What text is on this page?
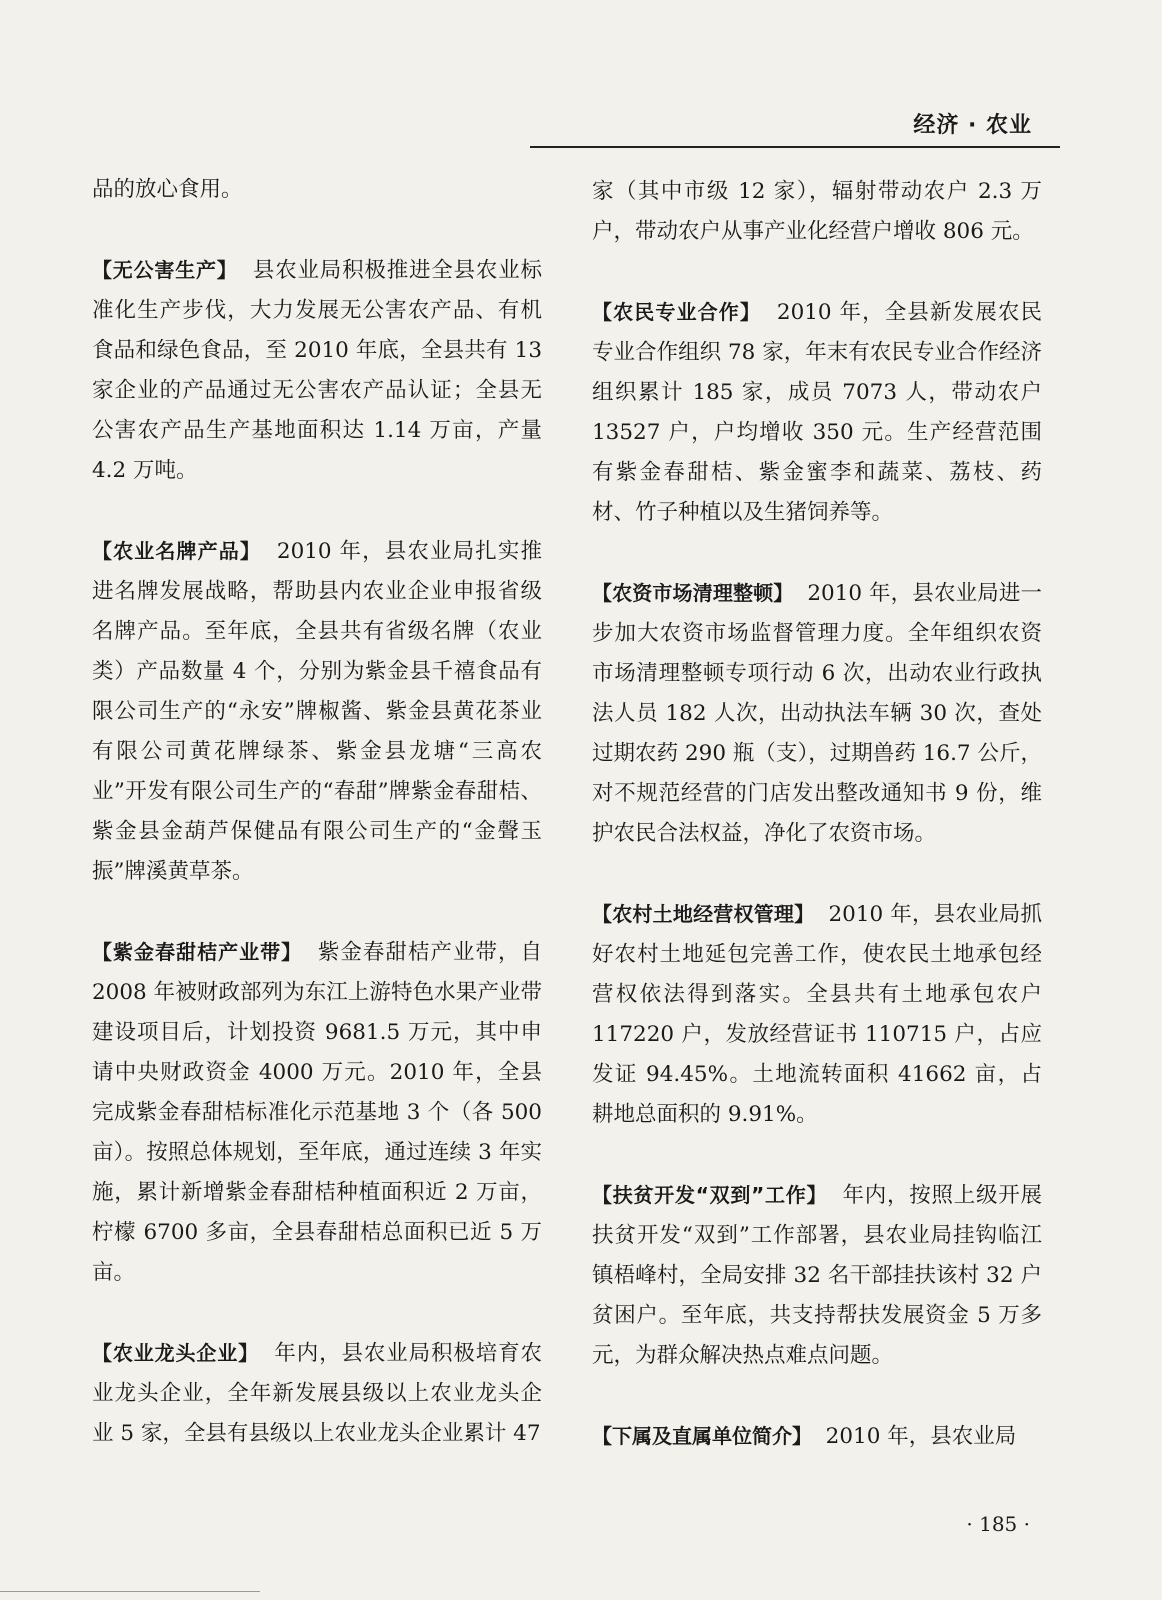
经济 · 农业

品的放心食用。

【无公害生产】 县农业局积极推进全县农业标准化生产步伐，大力发展无公害农产品、有机食品和绿色食品，至 2010 年底，全县共有 13 家企业的产品通过无公害农产品认证；全县无公害农产品生产基地面积达 1.14 万亩，产量 4.2 万吨。

【农业名牌产品】 2010 年，县农业局扎实推进名牌发展战略，帮助县内农业企业申报省级名牌产品。至年底，全县共有省级名牌（农业类）产品数量 4 个，分别为紫金县千禧食品有限公司生产的“永安”牌椒酱、紫金县黄花茶业有限公司黄花牌绿茶、紫金县龙塘“三高农业”开发有限公司生产的“春甜”牌紫金春甜桔、紫金县金葫芦保健品有限公司生产的“金聲玉振”牌溪黄草茶。

【紫金春甜桔产业带】 紫金春甜桔产业带，自 2008 年被财政部列为东江上游特色水果产业带建设项目后，计划投资 9681.5 万元，其中申请中央财政资金 4000 万元。2010 年，全县完成紫金春甜桔标准化示范基地 3 个（各 500 亩）。按照总体规划，至年底，通过连续 3 年实施，累计新增紫金春甜桔种植面积近 2 万亩，柠檬 6700 多亩，全县春甜桔总面积已近 5 万亩。

【农业龙头企业】 年内，县农业局积极培育农业龙头企业，全年新发展县级以上农业龙头企业 5 家，全县有县级以上农业龙头企业累计 47

家（其中市级 12 家），辐射带动农户 2.3 万户，带动农户从事产业化经营户增收 806 元。

【农民专业合作】 2010 年，全县新发展农民专业合作组织 78 家，年末有农民专业合作经济组织累计 185 家，成员 7073 人，带动农户 13527 户，户均增收 350 元。生产经营范围有紫金春甜桔、紫金蜜李和蔬菜、荔枝、药材、竹子种植以及生猪饲养等。

【农资市场清理整顿】 2010 年，县农业局进一步加大农资市场监督管理力度。全年组织农资市场清理整顿专项行动 6 次，出动农业行政执法人员 182 人次，出动执法车辆 30 次，查处过期农药 290 瓶（支），过期兽药 16.7 公斤，对不规范经营的门店发出整改通知书 9 份，维护农民合法权益，净化了农资市场。

【农村土地经营权管理】 2010 年，县农业局抓好农村土地延包完善工作，使农民土地承包经营权依法得到落实。全县共有土地承包农户 117220 户，发放经营证书 110715 户，占应发证 94.45%。土地流转面积 41662 亩，占耕地总面积的 9.91%。

【扶贫开发“双到”工作】 年内，按照上级开展扶贫开发“双到”工作部署，县农业局挂钩临江镇梧峰村，全局安排 32 名干部挂扶该村 32 户贫困户。至年底，共支持帮扶发展资金 5 万多元，为群众解决热点难点问题。

【下属及直属单位简介】 2010 年，县农业局

· 185 ·
